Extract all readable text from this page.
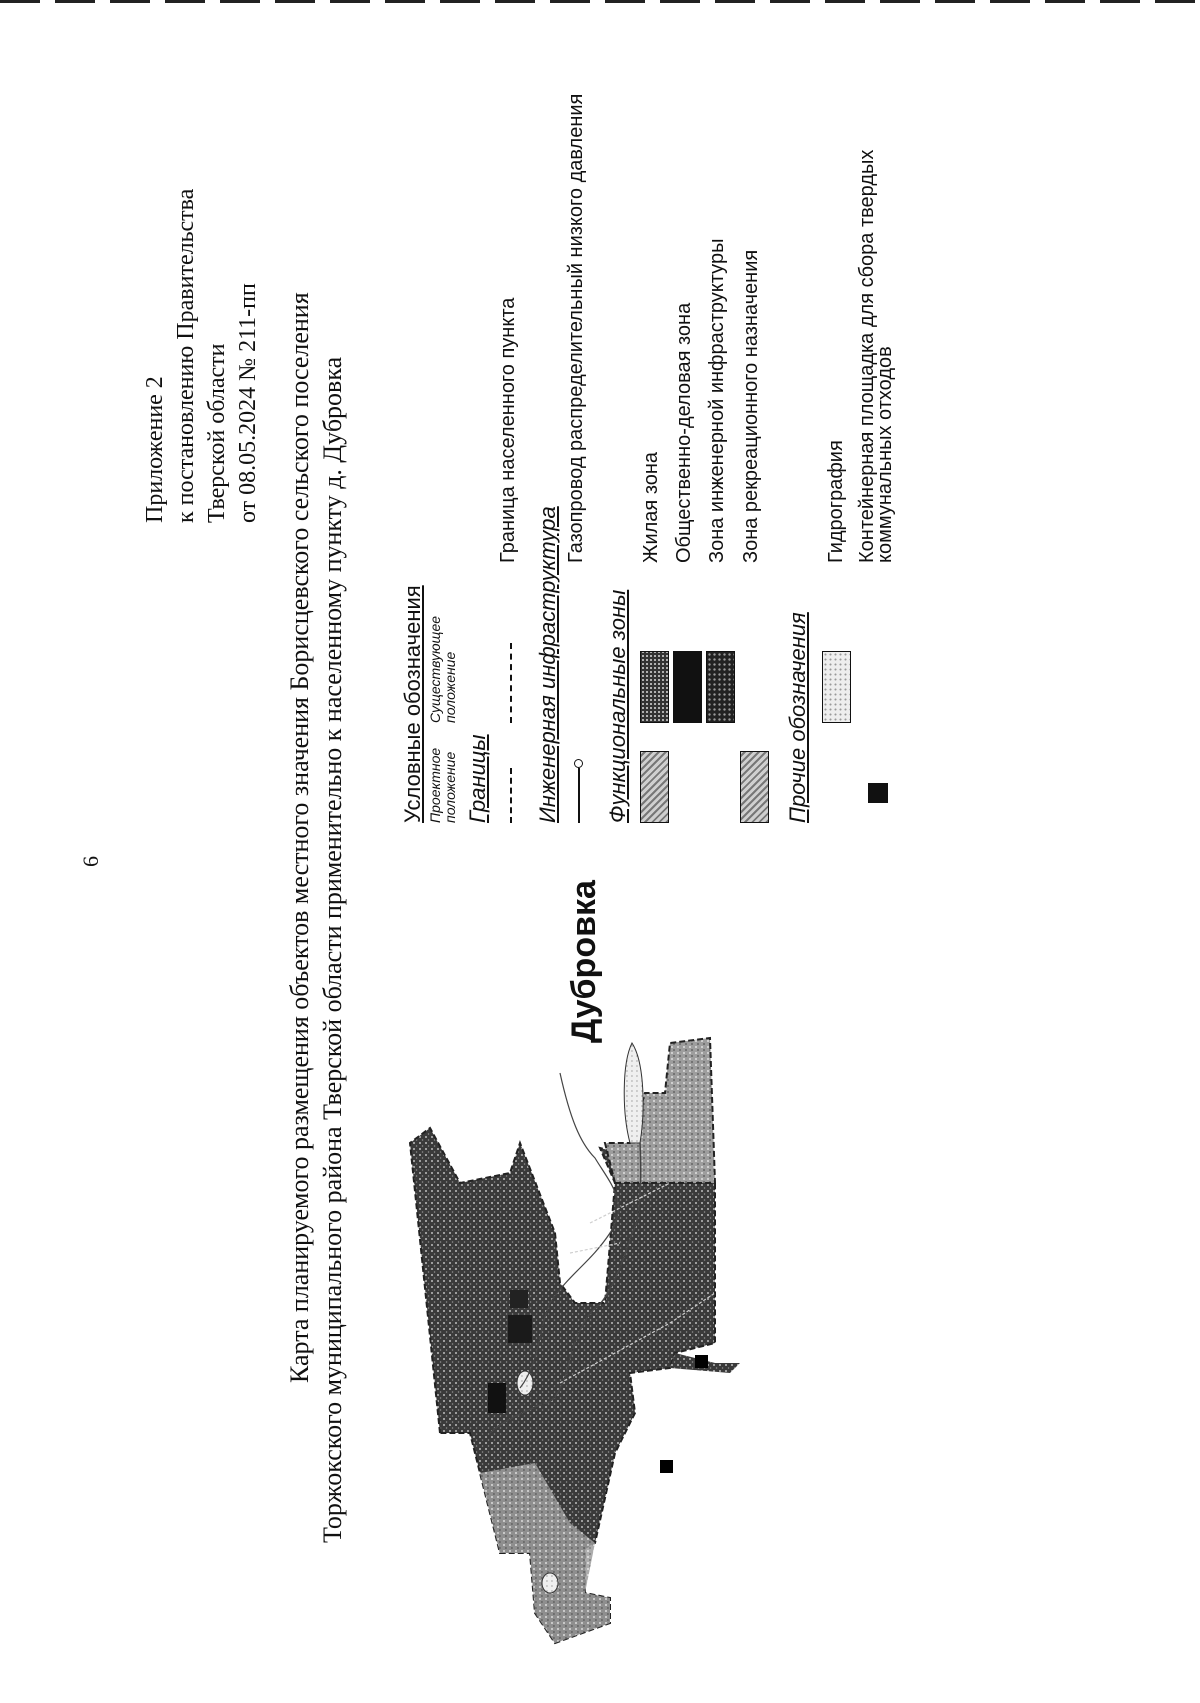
6
Приложение 2 к постановлению Правительства Тверской области от 08.05.2024 № 211-пп Карта планируемого размещения объектов местного значения Борисцевского сельского поселения Торжокского муниципального района Тверской области применительно к населенному пункту д. Дубровка	Дубровка
Условные обозначения Проектное положение
Существующее положение
Границы
Граница населенного пункта
Инженерная инфраструктура
Газопровод распределительный низкого давления
Функциональные зоны
Жилая зона Общественно-деловая зона Зона инженерной инфраструктуры Зона рекреационного назначения
Прочие обозначения
Гидрография Контейнерная площадка для сбора твердых
коммунальных отходов
